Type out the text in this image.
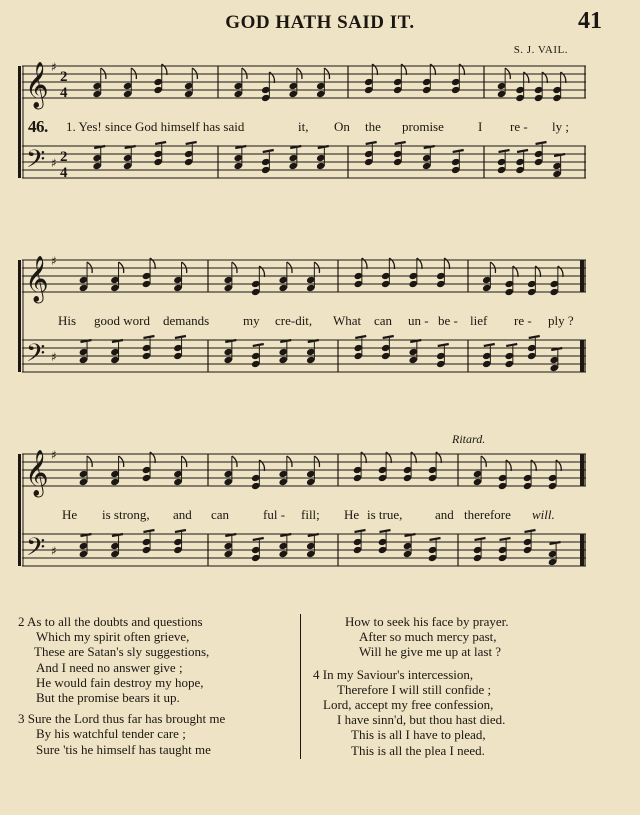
GOD HATH SAID IT.	41
S. J. VAIL.
𝄞
𝄢
♯
♯
2
2
4
4
𝄞
𝄢
♯
♯
𝄞
𝄢
♯
♯
46. 1. Yes! since God himself has said	it, On the promise	I re - ly ;
His good word demands	my cre-dit, What can un - be - lief re - ply ?
Ritard.
He is strong, and can	ful - fill; He is true,	and therefore will.
2 As to all the doubts and questions
Which my spirit often grieve,
These are Satan's sly suggestions,
And I need no answer give ;
He would fain destroy my hope,
But the promise bears it up.
3 Sure the Lord thus far has brought me
By his watchful tender care ;
Sure 'tis he himself has taught me
How to seek his face by prayer.
After so much mercy past,
Will he give me up at last ?
4 In my Saviour's intercession,
Therefore I will still confide ;
Lord, accept my free confession,
I have sinn'd, but thou hast died.
This is all I have to plead,
This is all the plea I need.
